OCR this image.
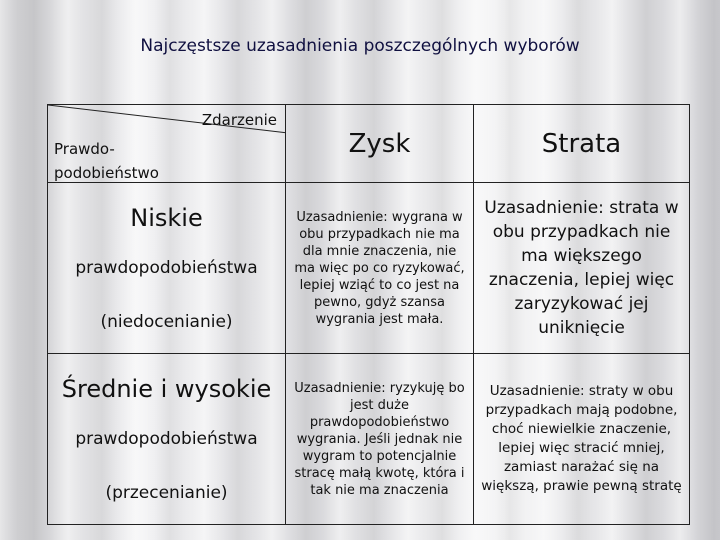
Najczęstsze uzasadnienia poszczególnych wyborów
Zdarzenie
Prawdo-
podobieństwo	Zysk	Strata

Niskie
prawdopodobieństwa
(niedocenianie)	Uzasadnienie: wygrana w obu przypadkach nie ma dla mnie znaczenia, nie ma więc po co ryzykować, lepiej wziąć to co jest na pewno, gdyż szansa wygrania jest mała.	Uzasadnienie: strata w obu przypadkach nie ma większego znaczenia, lepiej więc zaryzykować jej uniknięcie

Średnie i wysokie
prawdopodobieństwa
(przecenianie)	Uzasadnienie: ryzykuję bo jest duże prawdopodobieństwo wygrania. Jeśli jednak nie wygram to potencjalnie stracę małą kwotę, która i tak nie ma znaczenia	Uzasadnienie: straty w obu przypadkach mają podobne, choć niewielkie znaczenie, lepiej więc stracić mniej, zamiast narażać się na większą, prawie pewną stratę
